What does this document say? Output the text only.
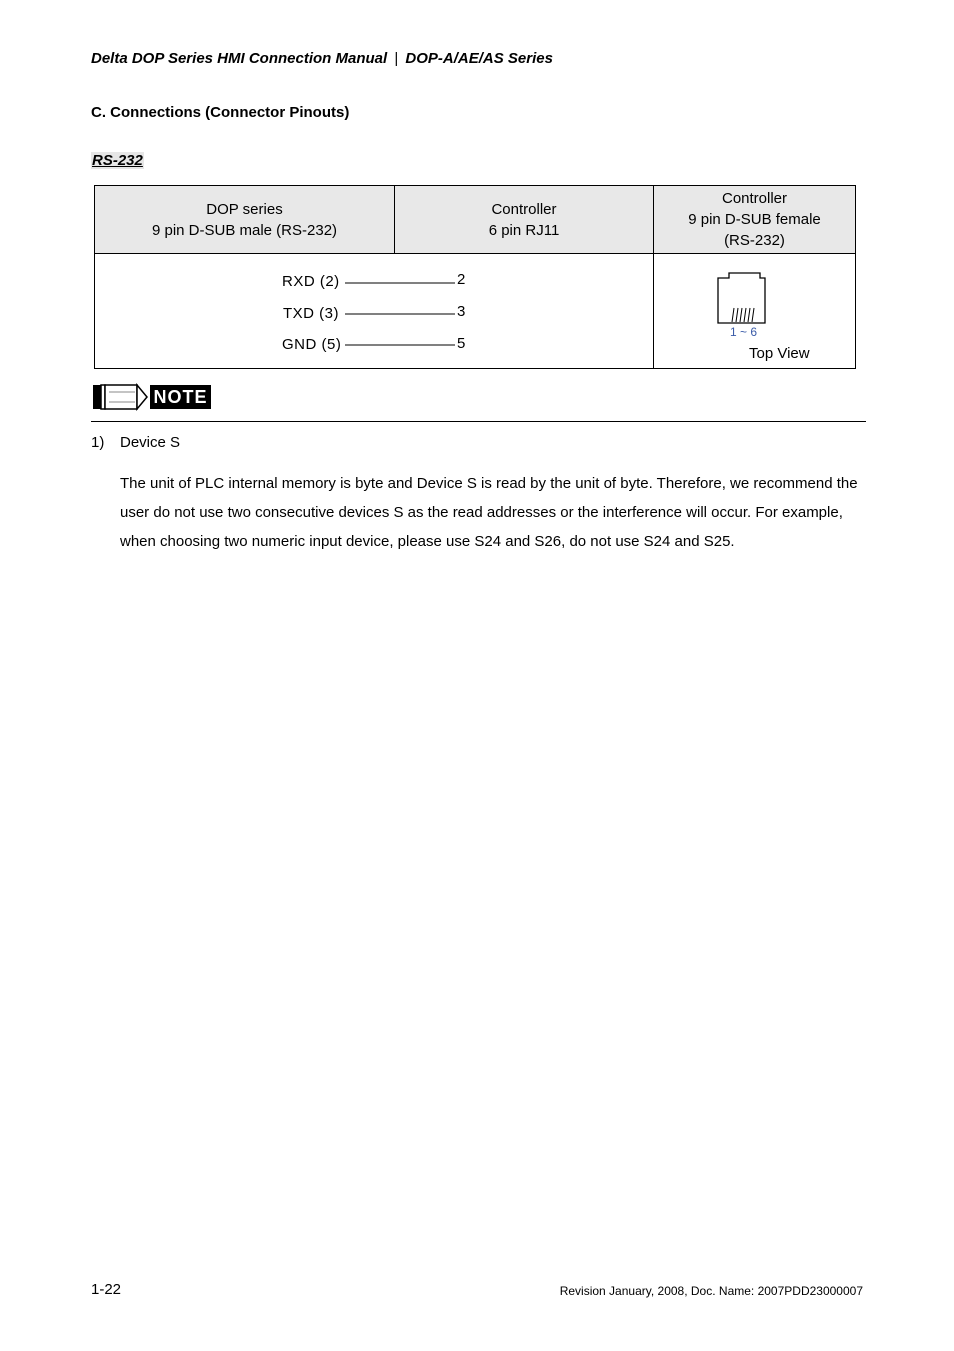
Delta DOP Series HMI Connection Manual | DOP-A/AE/AS Series
C. Connections (Connector Pinouts)
RS-232
DOP series
9 pin D-SUB male (RS-232)
Controller
6 pin RJ11
Controller
9 pin D-SUB female
(RS-232)
RXD (2)
TXD (3)
GND (5)
2
3
5
1 ~ 6
Top View
NOTE
1) Device S
The unit of PLC internal memory is byte and Device S is read by the unit of byte. Therefore, we recommend the user do not use two consecutive devices S as the read addresses or the interference will occur. For example, when choosing two numeric input device, please use S24 and S26, do not use S24 and S25.
1-22	Revision January, 2008, Doc. Name: 2007PDD23000007
